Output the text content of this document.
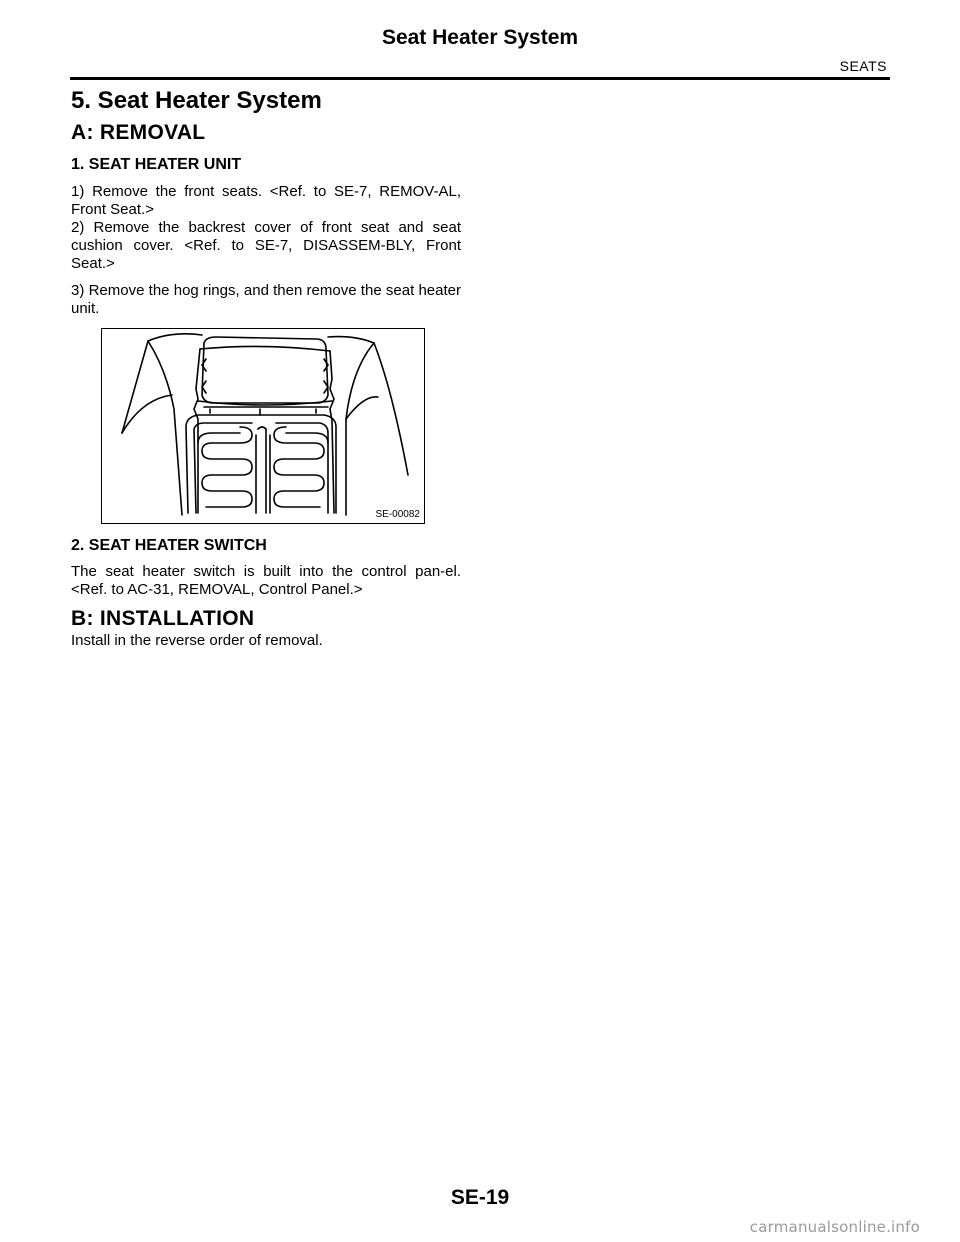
Seat Heater System
SEATS
5. Seat Heater System
A: REMOVAL
1. SEAT HEATER UNIT
1) Remove the front seats. <Ref. to SE-7, REMOV-AL, Front Seat.>
2) Remove the backrest cover of front seat and seat cushion cover. <Ref. to SE-7, DISASSEM-BLY, Front Seat.>
3) Remove the hog rings, and then remove the seat heater unit.
SE-00082
2. SEAT HEATER SWITCH
The seat heater switch is built into the control pan-el. <Ref. to AC-31, REMOVAL, Control Panel.>
B: INSTALLATION
Install in the reverse order of removal.
SE-19
carmanualsonline.info
